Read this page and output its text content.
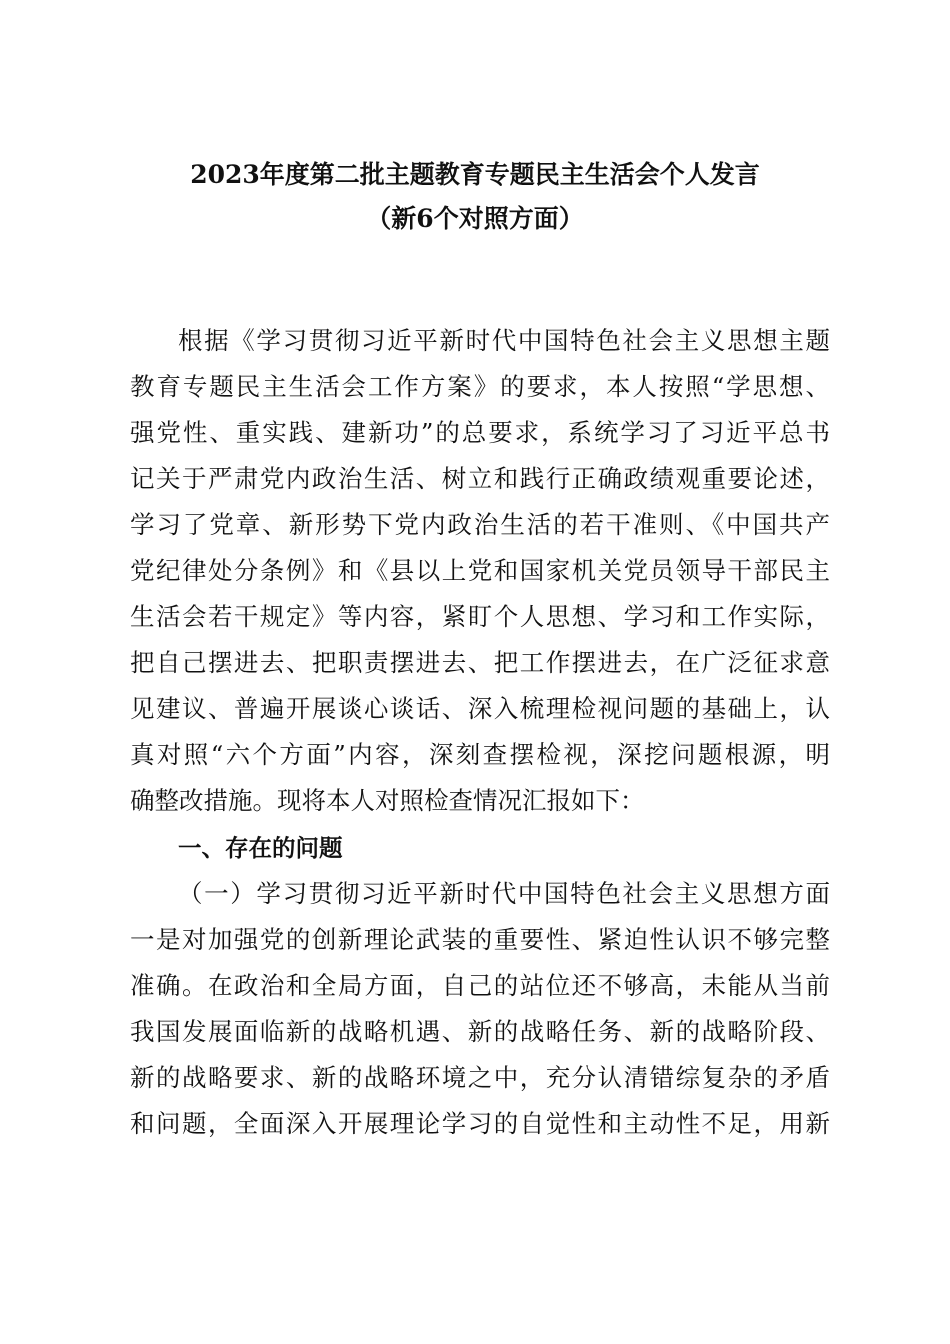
2023年度第二批主题教育专题民主生活会个人发言
（新6个对照方面）
根据《学习贯彻习近平新时代中国特色社会主义思想主题
教育专题民主生活会工作方案》的要求，本人按照“学思想、
强党性、重实践、建新功”的总要求，系统学习了习近平总书
记关于严肃党内政治生活、树立和践行正确政绩观重要论述，
学习了党章、新形势下党内政治生活的若干准则、《中国共产
党纪律处分条例》和《县以上党和国家机关党员领导干部民主
生活会若干规定》等内容，紧盯个人思想、学习和工作实际，
把自己摆进去、把职责摆进去、把工作摆进去，在广泛征求意
见建议、普遍开展谈心谈话、深入梳理检视问题的基础上，认
真对照“六个方面”内容，深刻查摆检视，深挖问题根源，明
确整改措施。现将本人对照检查情况汇报如下：
一、存在的问题
（一）学习贯彻习近平新时代中国特色社会主义思想方面
一是对加强党的创新理论武装的重要性、紧迫性认识不够完整
准确。在政治和全局方面，自己的站位还不够高，未能从当前
我国发展面临新的战略机遇、新的战略任务、新的战略阶段、
新的战略要求、新的战略环境之中，充分认清错综复杂的矛盾
和问题，全面深入开展理论学习的自觉性和主动性不足，用新
